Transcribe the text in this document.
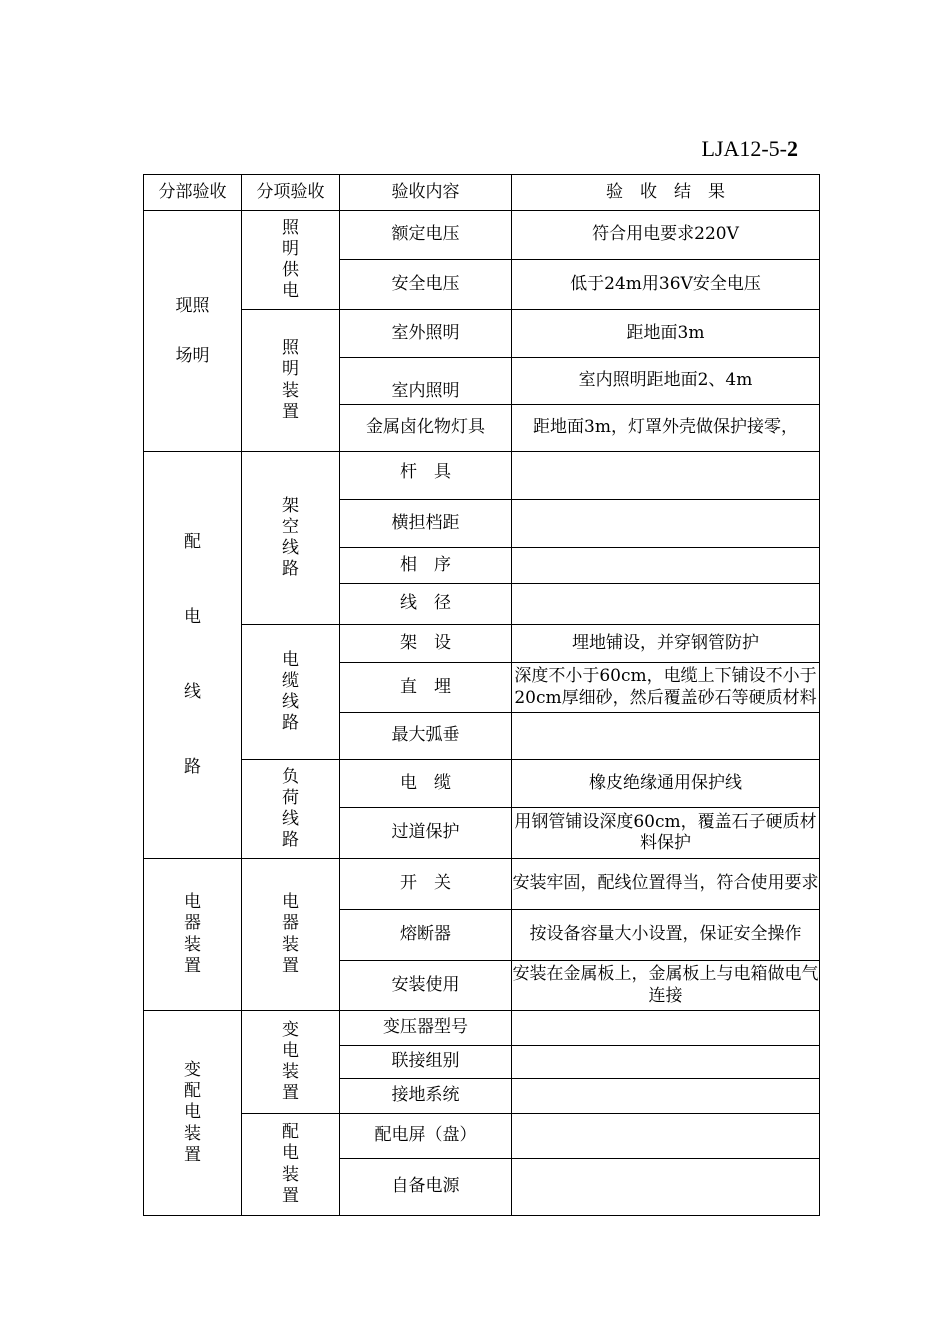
LJA12-5-2
分部验收	分项验收	验收内容	验　收　结　果

现照
场明	照明供电	额定电压	符合用电要求220V
		安全电压	低于24m用36V安全电压

	照明装置	室外照明	距地面3m
		室内照明	室内照明距地面2、4m
		金属卤化物灯具	距地面3m，灯罩外壳做保护接零，

配
电
线
路	架空线路	杆　具	
		横担档距	
		相　序	
		线　径	

	电缆线路	架　设	埋地铺设，并穿钢管防护
		直　埋	深度不小于60cm，电缆上下铺设不小于20cm厚细砂，然后覆盖砂石等硬质材料
		最大弧垂	

	负荷线路	电　缆	橡皮绝缘通用保护线
		过道保护	用钢管铺设深度60cm，覆盖石子硬质材料保护

电器装置	电器装置	开　关	安装牢固，配线位置得当，符合使用要求
		熔断器	按设备容量大小设置，保证安全操作
		安装使用	安装在金属板上，金属板上与电箱做电气连接

变配电装置	变电装置	变压器型号	
		联接组别	
		接地系统	

	配电装置	配电屏（盘）	
		自备电源	
